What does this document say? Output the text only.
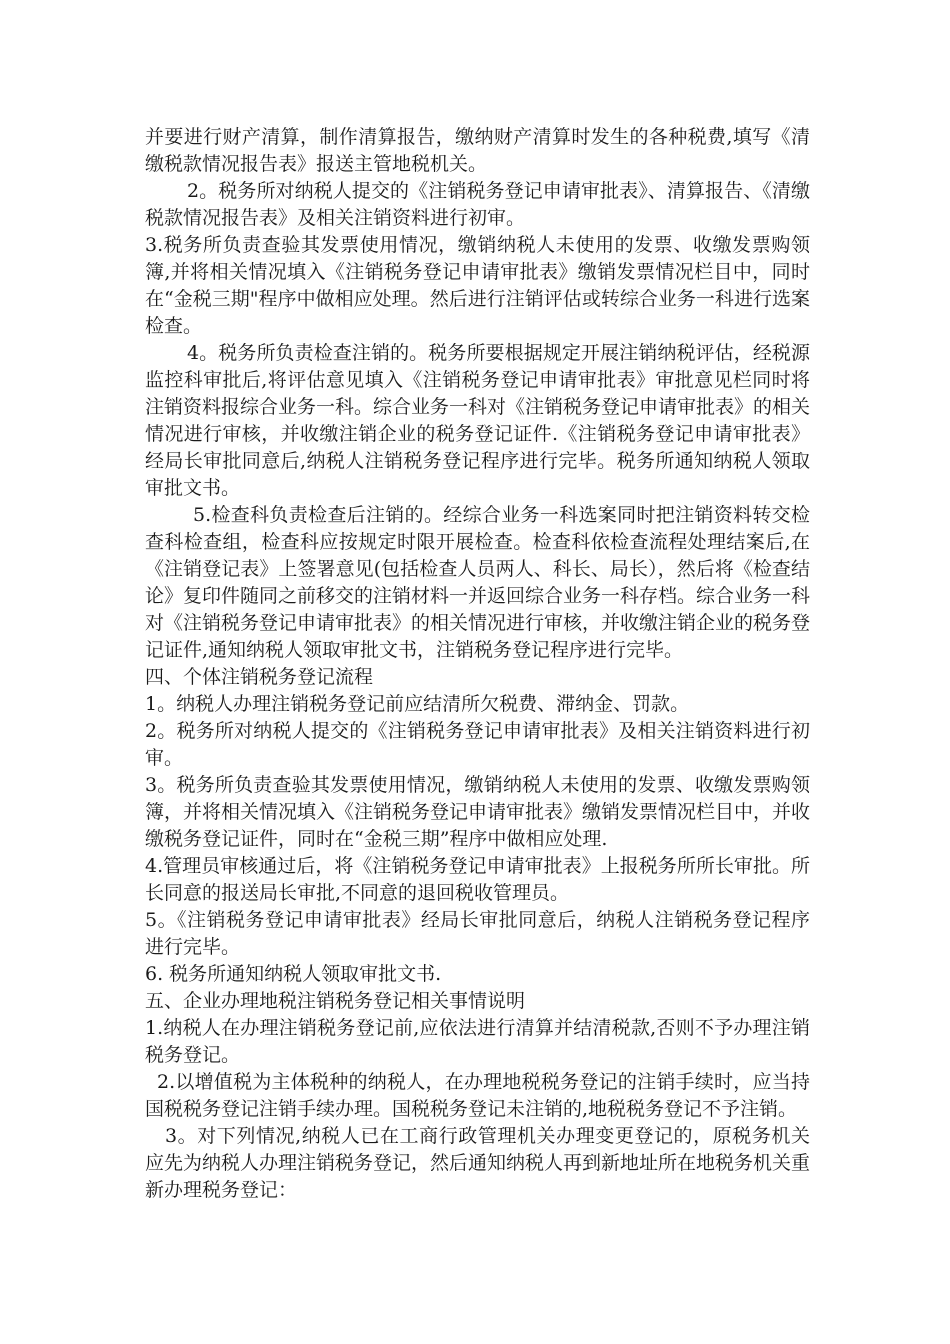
并要进行财产清算，制作清算报告，缴纳财产清算时发生的各种税费,填写《清缴税款情况报告表》报送主管地税机关。

2。税务所对纳税人提交的《注销税务登记申请审批表》、清算报告、《清缴税款情况报告表》及相关注销资料进行初审。

3.税务所负责查验其发票使用情况，缴销纳税人未使用的发票、收缴发票购领簿,并将相关情况填入《注销税务登记申请审批表》缴销发票情况栏目中，同时在“金税三期"程序中做相应处理。然后进行注销评估或转综合业务一科进行选案检查。

4。税务所负责检查注销的。税务所要根据规定开展注销纳税评估，经税源监控科审批后,将评估意见填入《注销税务登记申请审批表》审批意见栏同时将注销资料报综合业务一科。综合业务一科对《注销税务登记申请审批表》的相关情况进行审核，并收缴注销企业的税务登记证件.《注销税务登记申请审批表》经局长审批同意后,纳税人注销税务登记程序进行完毕。税务所通知纳税人领取审批文书。

5.检查科负责检查后注销的。经综合业务一科选案同时把注销资料转交检查科检查组，检查科应按规定时限开展检查。检查科依检查流程处理结案后,在《注销登记表》上签署意见(包括检查人员两人、科长、局长），然后将《检查结论》复印件随同之前移交的注销材料一并返回综合业务一科存档。综合业务一科对《注销税务登记申请审批表》的相关情况进行审核，并收缴注销企业的税务登记证件,通知纳税人领取审批文书，注销税务登记程序进行完毕。

四、个体注销税务登记流程

1。纳税人办理注销税务登记前应结清所欠税费、滞纳金、罚款。

2。税务所对纳税人提交的《注销税务登记申请审批表》及相关注销资料进行初审。

3。税务所负责查验其发票使用情况，缴销纳税人未使用的发票、收缴发票购领簿，并将相关情况填入《注销税务登记申请审批表》缴销发票情况栏目中，并收缴税务登记证件，同时在“金税三期”程序中做相应处理.

4.管理员审核通过后，将《注销税务登记申请审批表》上报税务所所长审批。所长同意的报送局长审批,不同意的退回税收管理员。

5。《注销税务登记申请审批表》经局长审批同意后，纳税人注销税务登记程序进行完毕。

6. 税务所通知纳税人领取审批文书.

五、企业办理地税注销税务登记相关事情说明

1.纳税人在办理注销税务登记前,应依法进行清算并结清税款,否则不予办理注销税务登记。

2.以增值税为主体税种的纳税人，在办理地税税务登记的注销手续时，应当持国税税务登记注销手续办理。国税税务登记未注销的,地税税务登记不予注销。

3。对下列情况,纳税人已在工商行政管理机关办理变更登记的，原税务机关应先为纳税人办理注销税务登记，然后通知纳税人再到新地址所在地税务机关重新办理税务登记：
